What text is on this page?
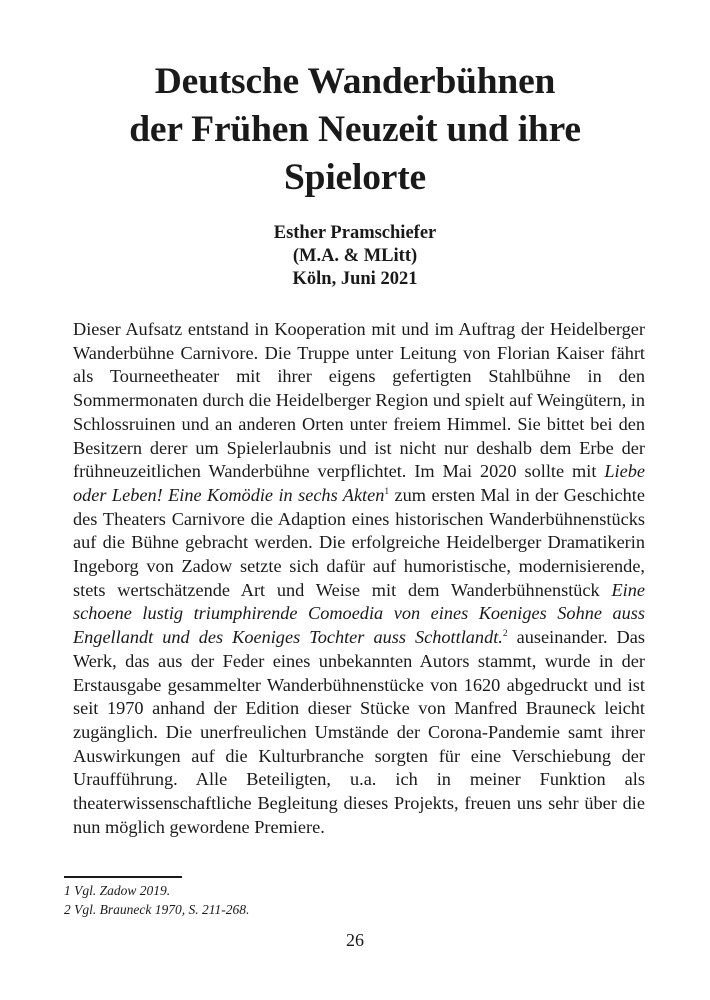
Deutsche Wanderbühnen
der Frühen Neuzeit und ihre
Spielorte
Esther Pramschiefer
(M.A. & MLitt)
Köln, Juni 2021

Dieser Aufsatz entstand in Kooperation mit und im Auftrag der Heidelberger Wanderbühne Carnivore. Die Truppe unter Leitung von Florian Kaiser fährt als Tourneetheater mit ihrer eigens gefertigten Stahlbühne in den Sommermonaten durch die Heidelberger Region und spielt auf Weingütern, in Schlossruinen und an anderen Orten unter freiem Himmel. Sie bittet bei den Besitzern derer um Spielerlaubnis und ist nicht nur deshalb dem Erbe der frühneuzeitlichen Wanderbühne verpflichtet. Im Mai 2020 sollte mit Liebe oder Leben! Eine Komödie in sechs Akten$^1$ zum ersten Mal in der Geschichte des Theaters Carnivore die Adaption eines historischen Wanderbühnenstücks auf die Bühne gebracht werden. Die erfolgreiche Heidelberger Dramatikerin Ingeborg von Zadow setzte sich dafür auf humoristische, modernisierende, stets wertschätzende Art und Weise mit dem Wanderbühnenstück Eine schoene lustig triumphirende Comoedia von eines Koeniges Sohne auss Engellandt und des Koeniges Tochter auss Schottlandt.$^2$ auseinander. Das Werk, das aus der Feder eines unbekannten Autors stammt, wurde in der Erstausgabe gesammelter Wanderbühnenstücke von 1620 abgedruckt und ist seit 1970 anhand der Edition dieser Stücke von Manfred Brauneck leicht zugänglich. Die unerfreulichen Umstände der Corona-Pandemie samt ihrer Auswirkungen auf die Kulturbranche sorgten für eine Verschiebung der Uraufführung. Alle Beteiligten, u.a. ich in meiner Funktion als theaterwissenschaftliche Begleitung dieses Projekts, freuen uns sehr über die nun möglich gewordene Premiere.

1 Vgl. Zadow 2019.
2 Vgl. Brauneck 1970, S. 211-268.
26
